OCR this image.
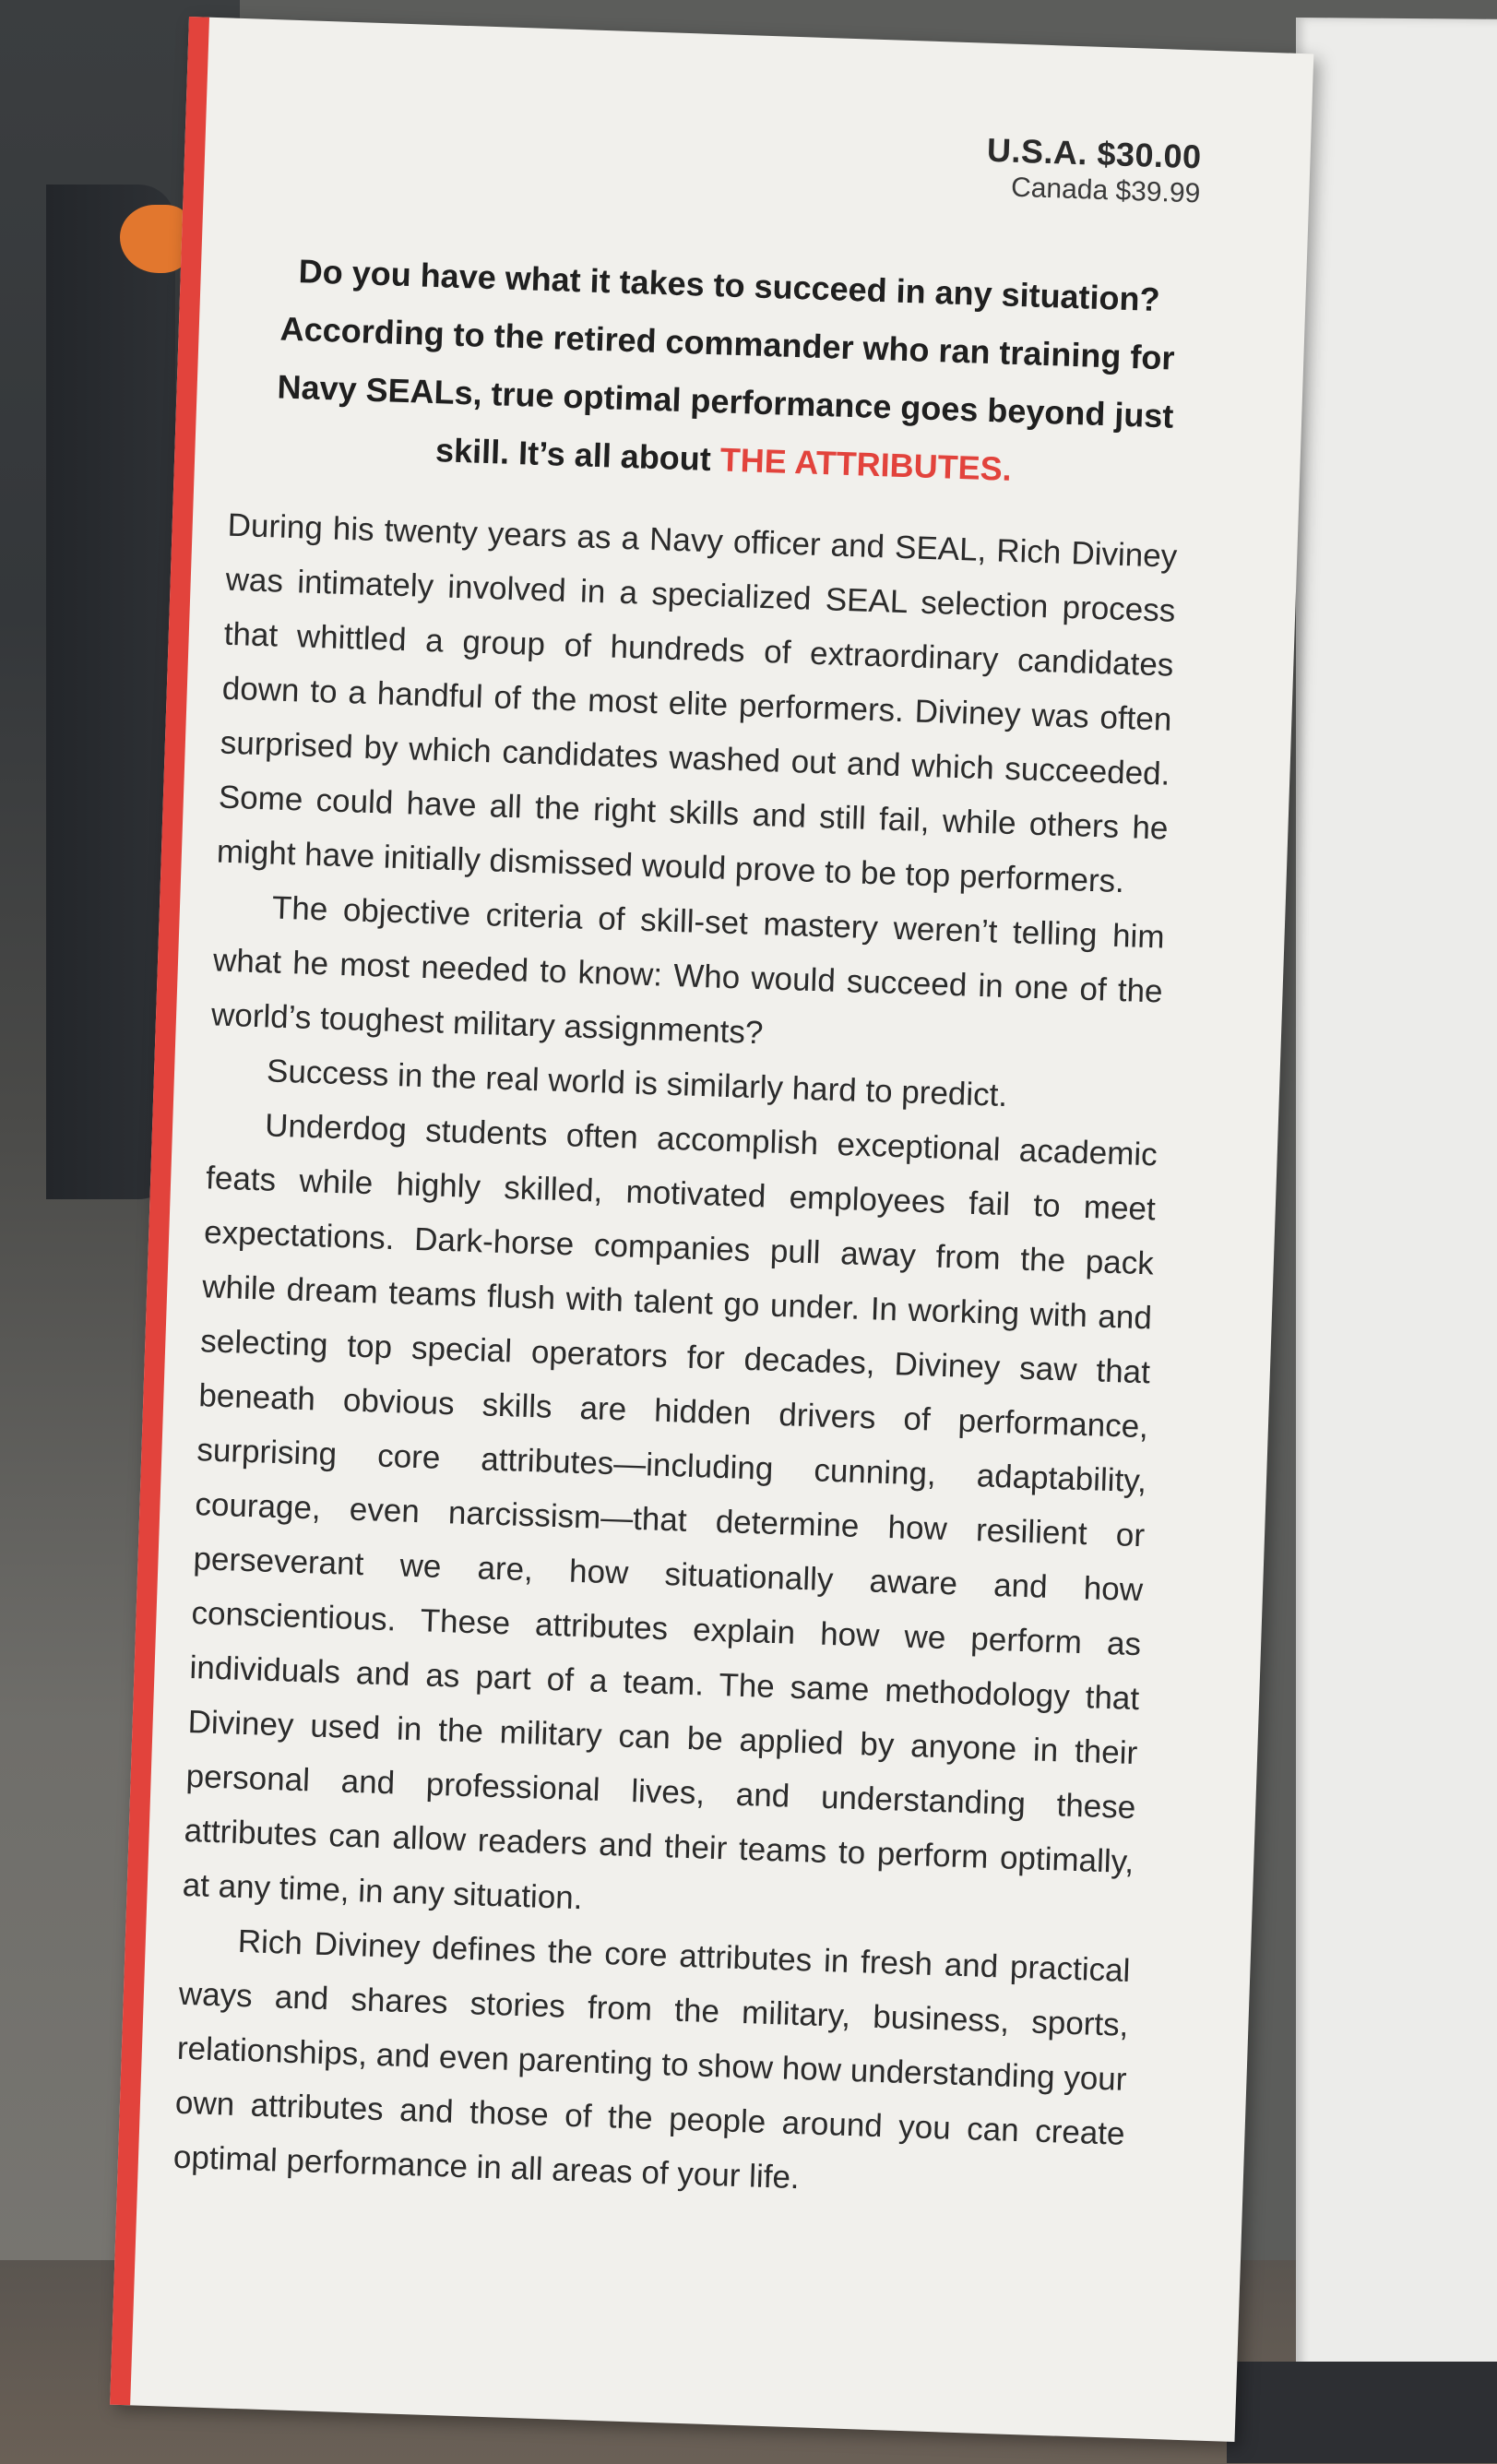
U.S.A. $30.00
Canada $39.99
Do you have what it takes to succeed in any situation? According to the retired commander who ran training for Navy SEALs, true optimal performance goes beyond just skill. It’s all about THE ATTRIBUTES.

During his twenty years as a Navy officer and SEAL, Rich Diviney was intimately involved in a specialized SEAL selection process that whittled a group of hundreds of extraordinary candidates down to a handful of the most elite performers. Diviney was often surprised by which candidates washed out and which succeeded. Some could have all the right skills and still fail, while others he might have initially dismissed would prove to be top performers.

The objective criteria of skill-set mastery weren’t telling him what he most needed to know: Who would succeed in one of the world’s toughest military assignments?

Success in the real world is similarly hard to predict.

Underdog students often accomplish exceptional academic feats while highly skilled, motivated employees fail to meet expectations. Dark-horse companies pull away from the pack while dream teams flush with talent go under. In working with and selecting top special operators for decades, Diviney saw that beneath obvious skills are hidden drivers of performance, surprising core attributes—including cunning, adaptability, courage, even narcissism—that determine how resilient or perseverant we are, how situationally aware and how conscientious. These attributes explain how we perform as individuals and as part of a team. The same methodology that Diviney used in the military can be applied by anyone in their personal and professional lives, and understanding these attributes can allow readers and their teams to perform optimally, at any time, in any situation.

Rich Diviney defines the core attributes in fresh and practical ways and shares stories from the military, business, sports, relationships, and even parenting to show how understanding your own attributes and those of the people around you can create optimal performance in all areas of your life.
